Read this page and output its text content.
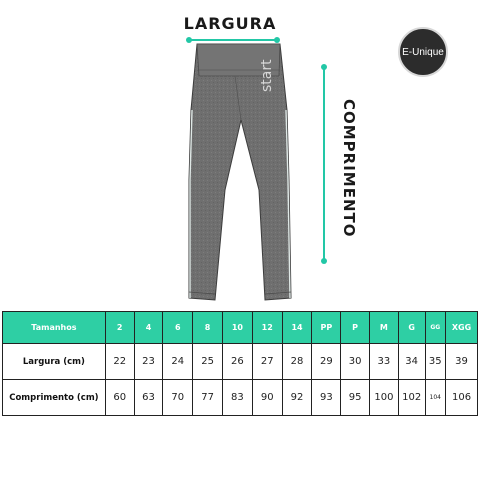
LARGURA
COMPRIMENTO
E-Unique
start
Tamanhos	2	4	6	8	10	12	14	PP	P	M	G	GG	XGG
Largura (cm)	22	23	24	25	26	27	28	29	30	33	34	35	39
Comprimento (cm)	60	63	70	77	83	90	92	93	95	100	102	104	106
